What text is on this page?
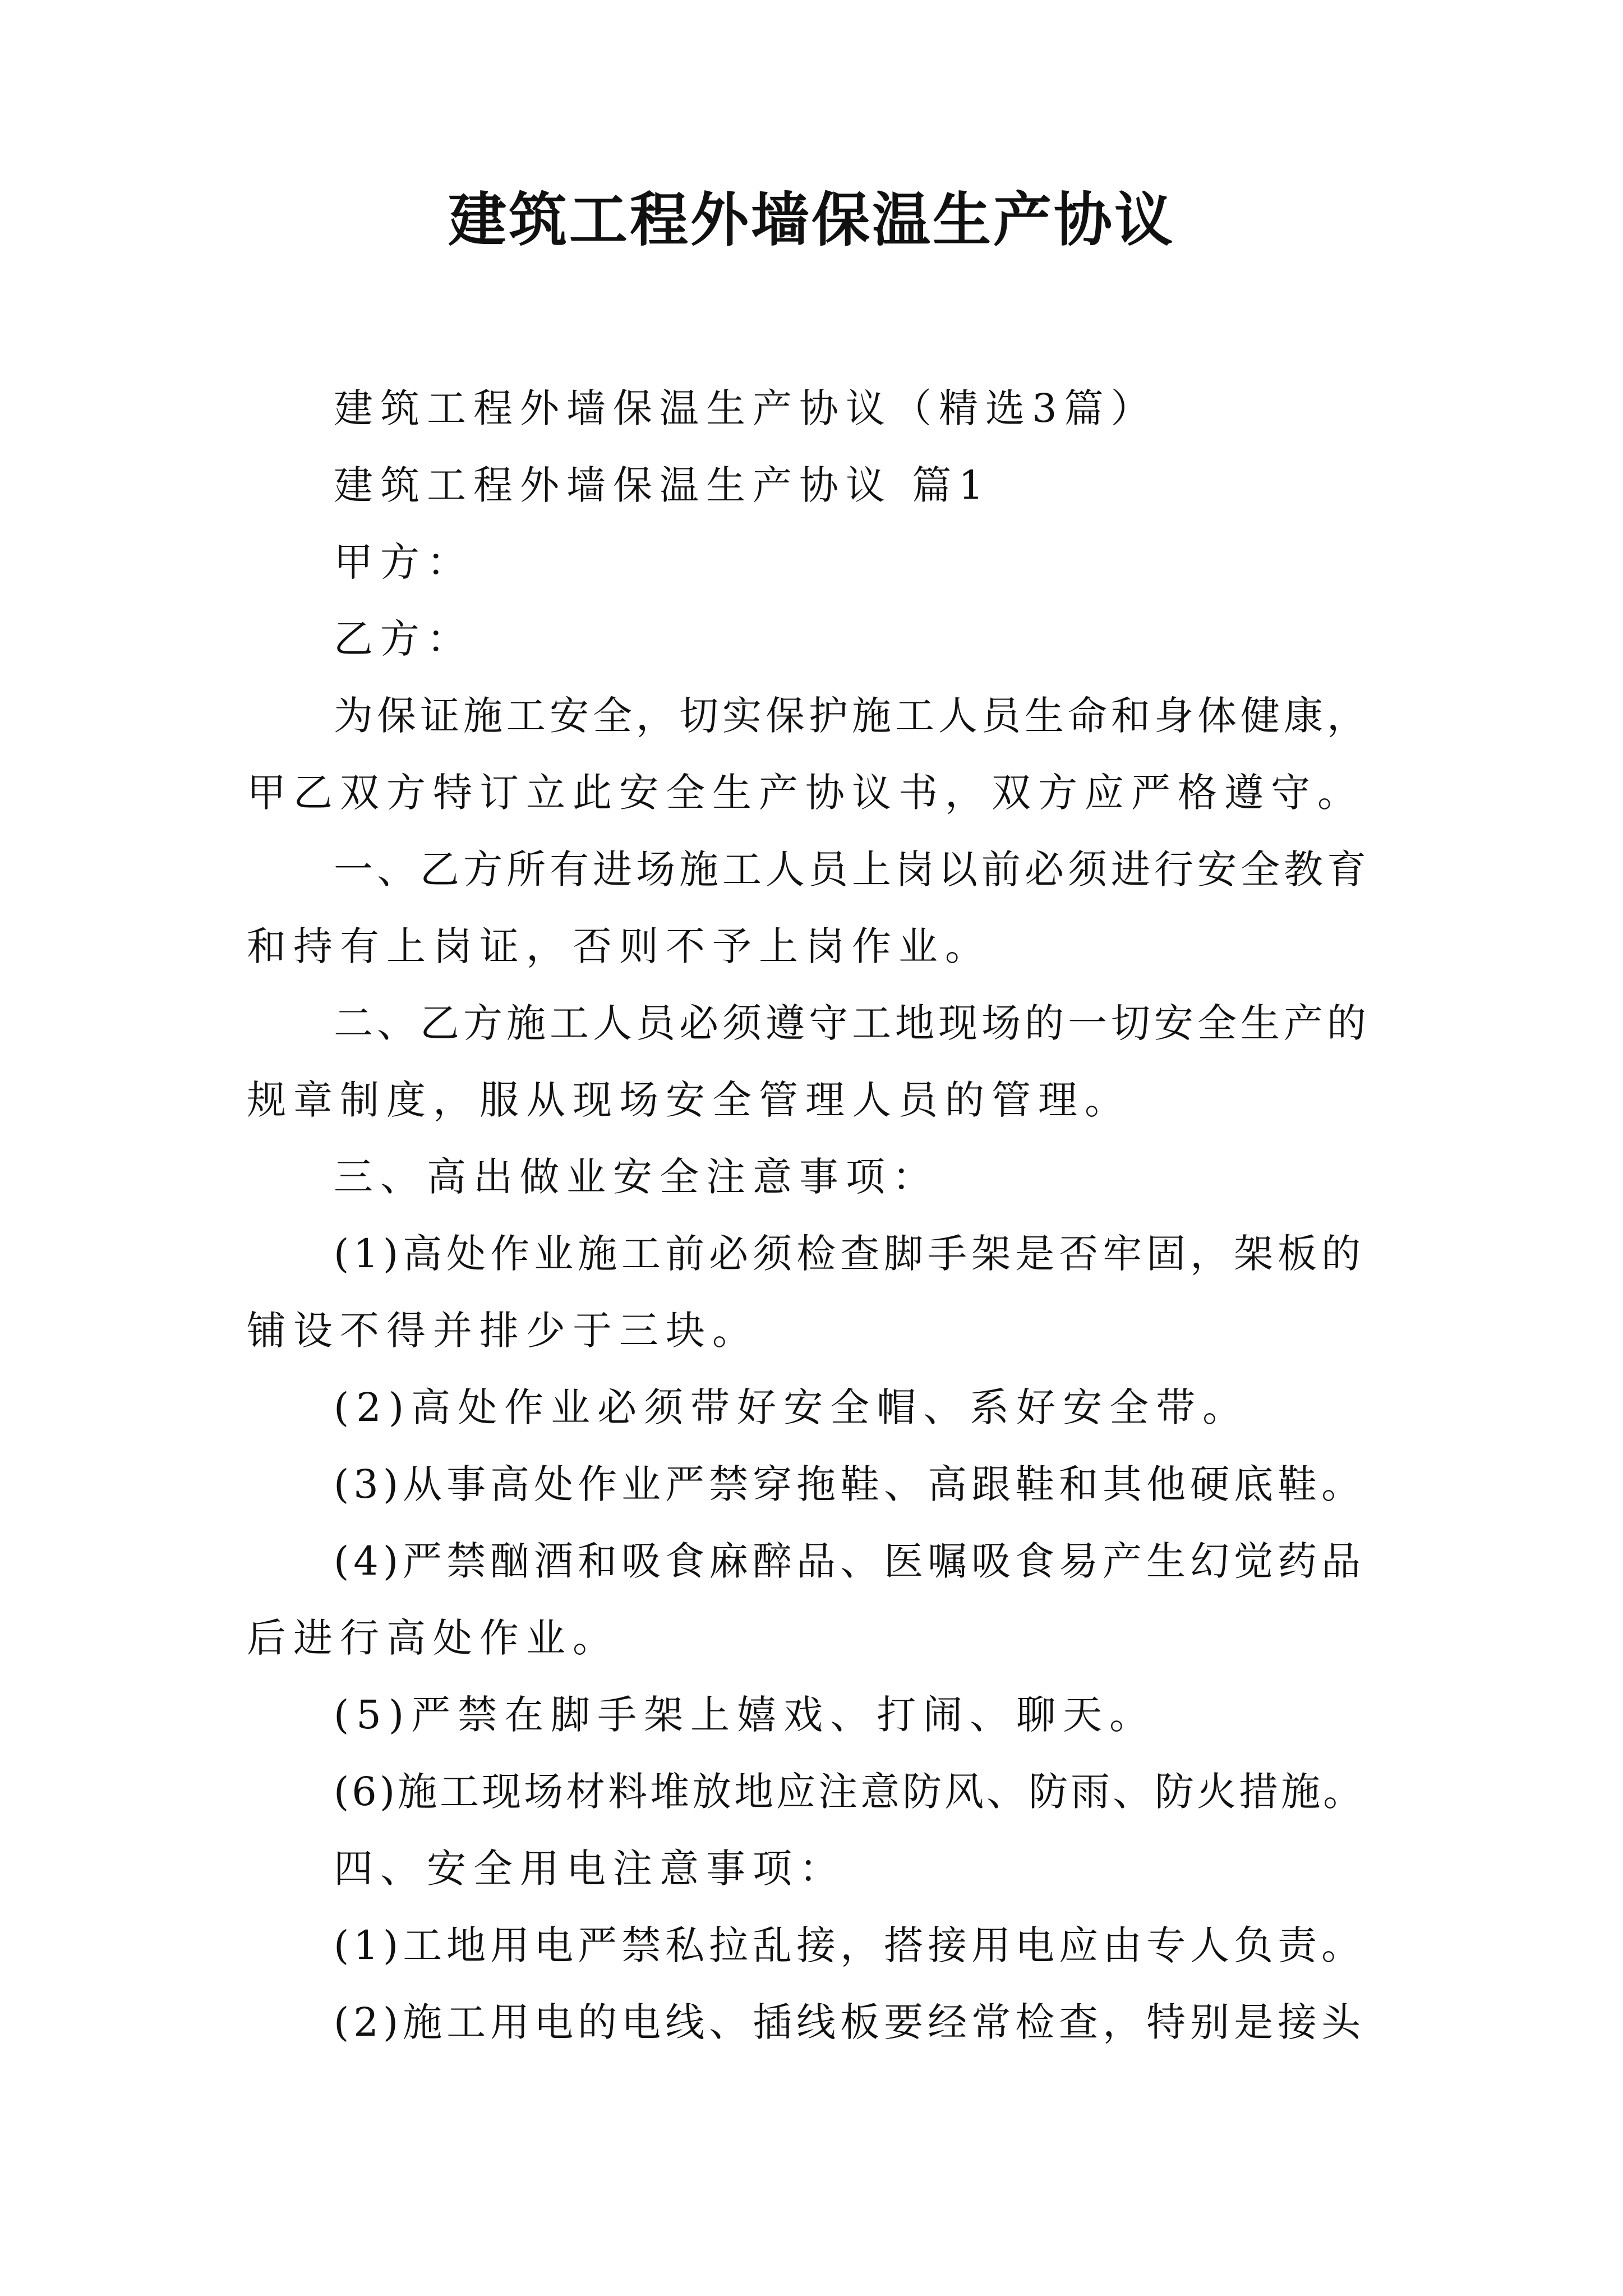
建筑工程外墙保温生产协议
建筑工程外墙保温生产协议（精选3篇）
建筑工程外墙保温生产协议 篇1
甲方：
乙方：
为保证施工安全，切实保护施工人员生命和身体健康，
甲乙双方特订立此安全生产协议书，双方应严格遵守。
一、乙方所有进场施工人员上岗以前必须进行安全教育
和持有上岗证，否则不予上岗作业。
二、乙方施工人员必须遵守工地现场的一切安全生产的
规章制度，服从现场安全管理人员的管理。
三、高出做业安全注意事项：
(1)高处作业施工前必须检查脚手架是否牢固，架板的
铺设不得并排少于三块。
(2)高处作业必须带好安全帽、系好安全带。
(3)从事高处作业严禁穿拖鞋、高跟鞋和其他硬底鞋。
(4)严禁酗酒和吸食麻醉品、医嘱吸食易产生幻觉药品
后进行高处作业。
(5)严禁在脚手架上嬉戏、打闹、聊天。
(6)施工现场材料堆放地应注意防风、防雨、防火措施。
四、安全用电注意事项：
(1)工地用电严禁私拉乱接，搭接用电应由专人负责。
(2)施工用电的电线、插线板要经常检查，特别是接头
